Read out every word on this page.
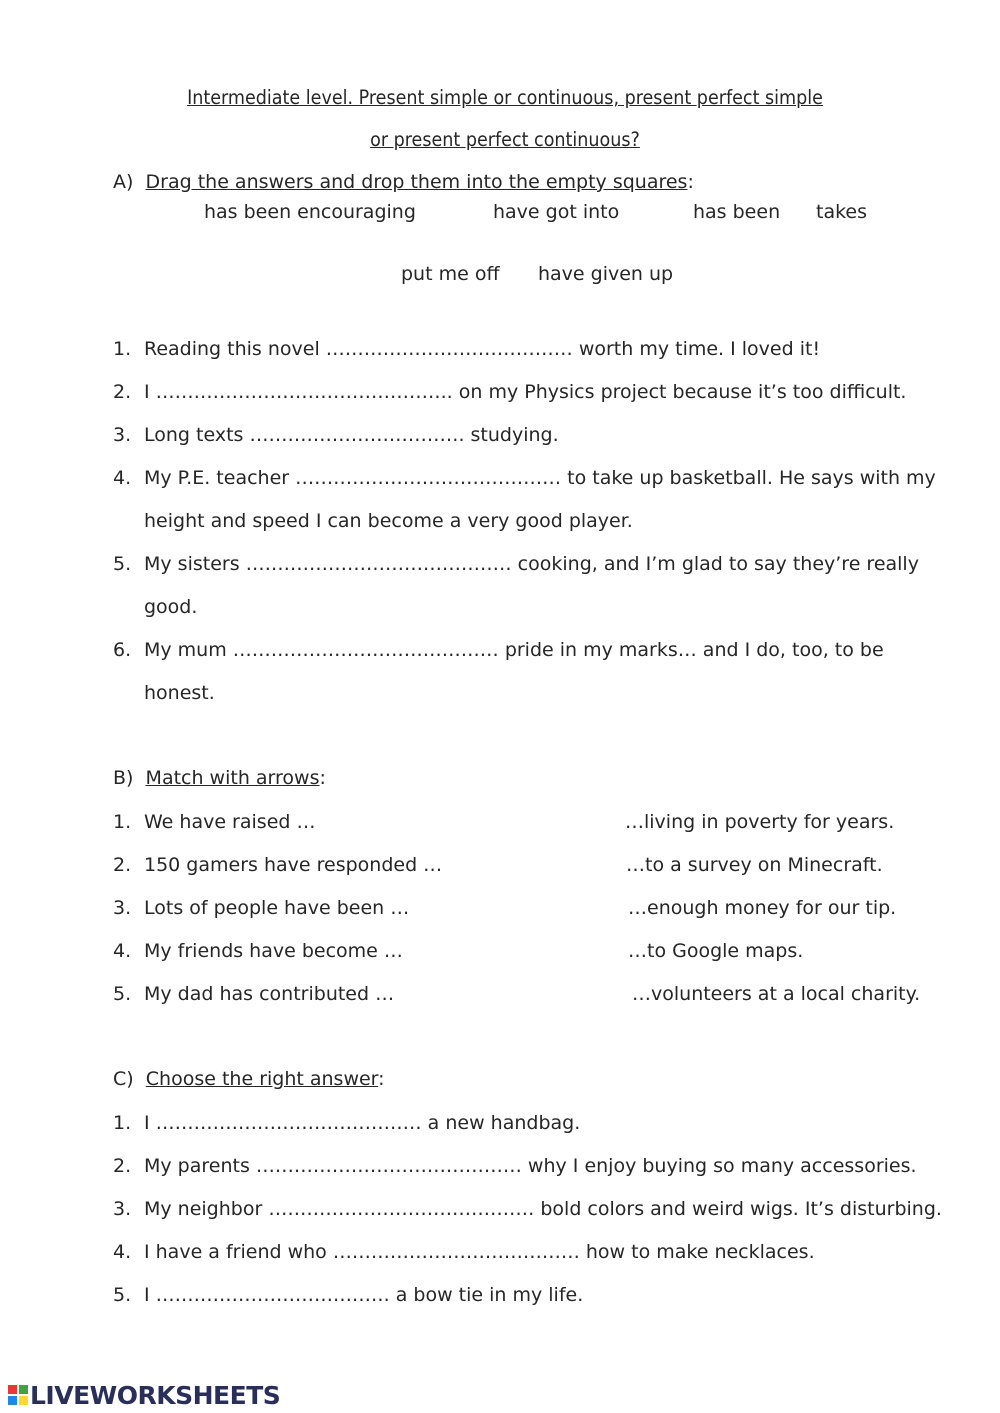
Intermediate level. Present simple or continuous, present perfect simple
or present perfect continuous?
A) Drag the answers and drop them into the empty squares:
has been encouraging	have got into	has been takes
put me off have given up
1. Reading this novel ………………………………… worth my time. I loved it!
2. I ……………………………………….. on my Physics project because it’s too difficult.
3. Long texts ……………………………. studying.
4. My P.E. teacher …………………………………… to take up basketball. He says with my
height and speed I can become a very good player.
5. My sisters …………………………………… cooking, and I’m glad to say they’re really
good.
6. My mum …………………………………… pride in my marks… and I do, too, to be
honest.
B) Match with arrows:
1. We have raised …	…living in poverty for years.
2. 150 gamers have responded …	…to a survey on Minecraft.
3. Lots of people have been …	…enough money for our tip.
4. My friends have become …	…to Google maps.
5. My dad has contributed …	…volunteers at a local charity.
C) Choose the right answer:
1. I …………………………………… a new handbag.
2. My parents …………………………………… why I enjoy buying so many accessories.
3. My neighbor …………………………………… bold colors and weird wigs. It’s disturbing.
4. I have a friend who ………………………………… how to make necklaces.
5. I ………………………………. a bow tie in my life.
LIVEWORKSHEETS
